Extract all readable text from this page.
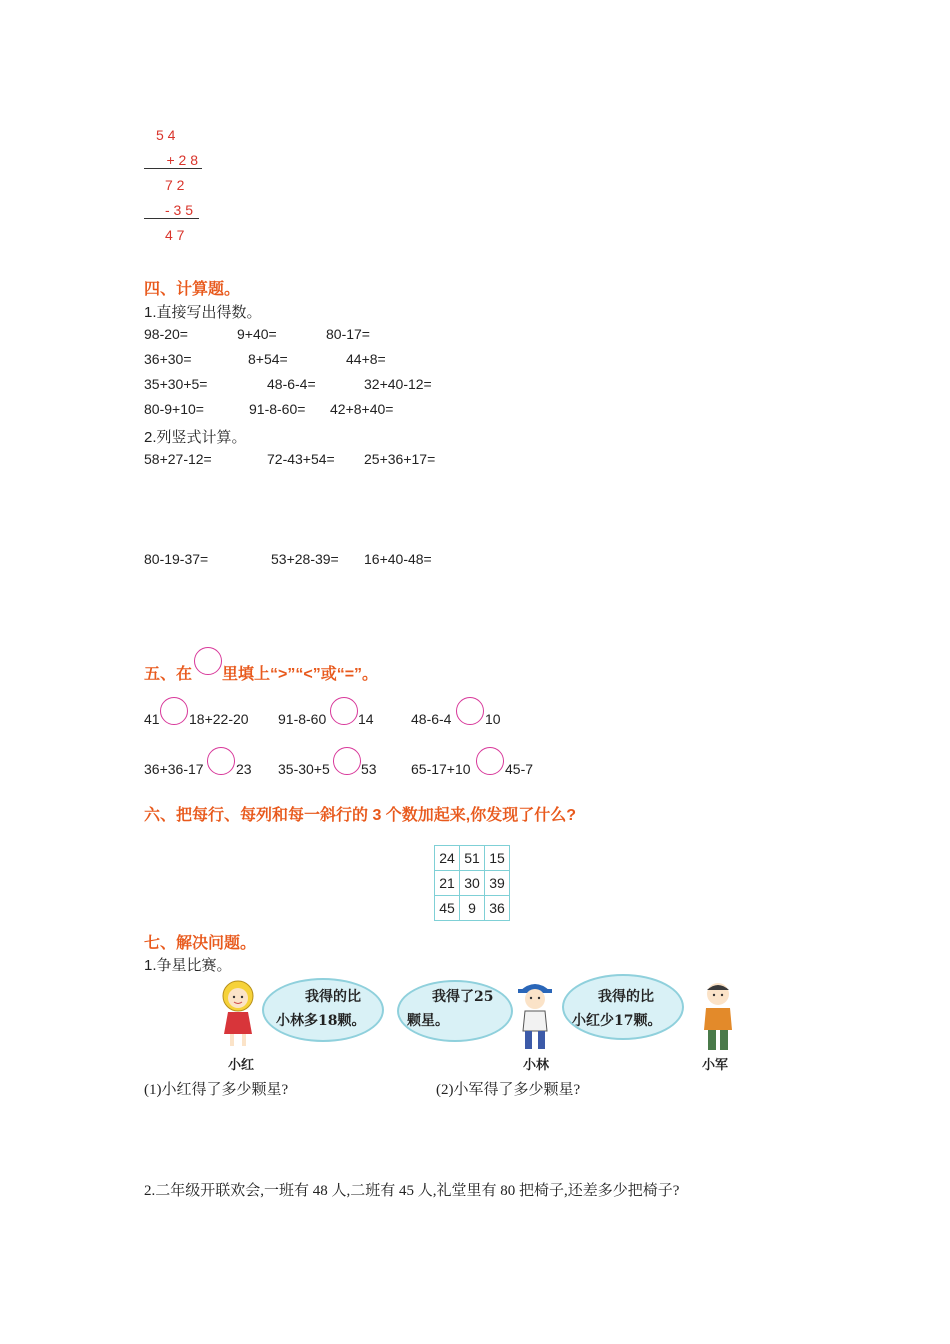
5 4
+ 2 8
7 2
- 3 5
4 7
四、计算题。
1.直接写出得数。
98-20=	9+40=	80-17=
36+30=	8+54=	44+8=
35+30+5=	48-6-4=	32+40-12=
80-9+10=	91-8-60= 42+8+40=
2.列竖式计算。
58+27-12=	72-43+54= 25+36+17=
80-19-37=	53+28-39= 16+40-48=
五、在 里填上“>”“<”或“=”。
41 18+22-20 91-8-60 14	48-6-4 10
36+36-17 23 35-30+5 53 65-17+10 45-7
六、把每行、每列和每一斜行的 3 个数加起来,你发现了什么?
24	51	15
21	30	39
45	9	36
七、解决问题。
1.争星比赛。
我得的比
小林多18颗。
我得了25
颗星。
我得的比
小红少17颗。
小红	小林	小军
(1)小红得了多少颗星?	(2)小军得了多少颗星?
2.二年级开联欢会,一班有 48 人,二班有 45 人,礼堂里有 80 把椅子,还差多少把椅子?
